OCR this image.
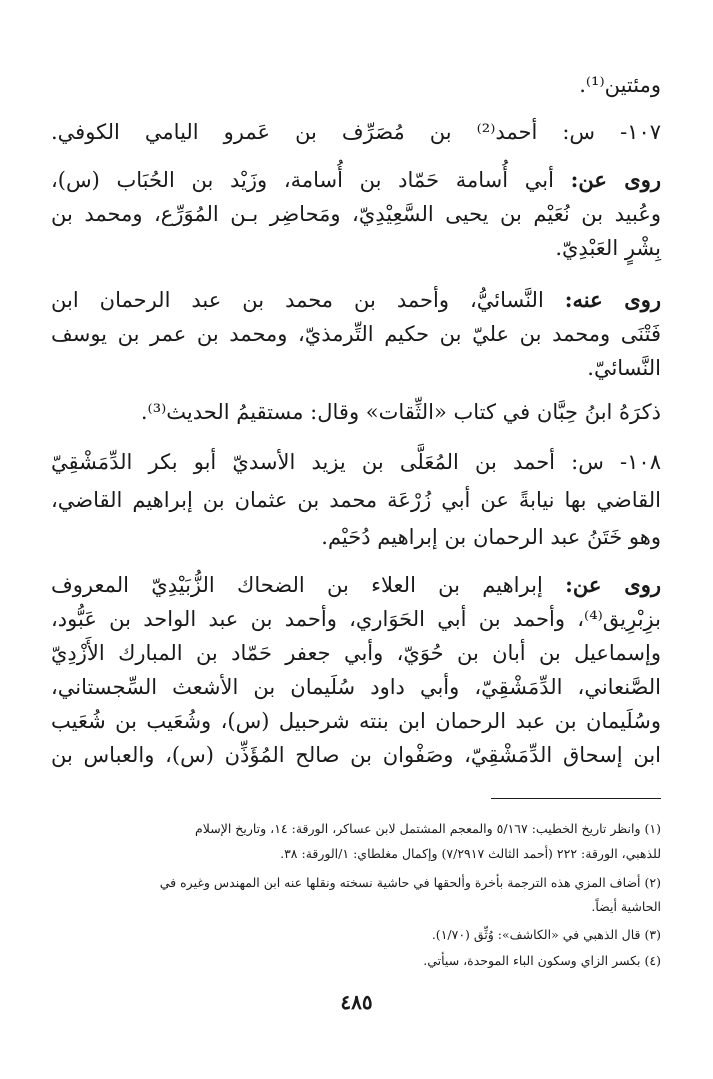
ومئتين⁽¹⁾.
١٠٧- س: أحمد⁽²⁾ بن مُصَرِّف بن عَمرو اليامي الكوفي.
روى عن: أبي أُسامة حَمّاد بن أُسامة، وزَيْد بن الحُبَاب (س)،
وعُبيد بن نُعَيْم بن يحيى السَّعِيْدِيّ، ومَحاضِر بـن المُوَرِّع، ومحمد بن
بِشْرٍ العَبْدِيّ.
روى عنه: النَّسائيُّ، وأحمد بن محمد بن عبد الرحمان ابن
فَتْنَى ومحمد بن عليّ بن حكيم التِّرمذيّ، ومحمد بن عمر بن يوسف
النَّسائيّ.
ذكرَهُ ابنُ حِبَّان في كتاب «الثِّقات» وقال: مستقيمُ الحديث⁽³⁾.
١٠٨- س: أحمد بن المُعَلَّى بن يزيد الأسديّ أبو بكر الدِّمَشْقِيّ
القاضي بها نيابةً عن أبي زُرْعَة محمد بن عثمان بن إبراهيم القاضي،
وهو خَتَنُ عبد الرحمان بن إبراهيم دُحَيْم.
روى عن: إبراهيم بن العلاء بن الضحاك الزُّبَيْدِيّ المعروف
بزِبْرِيق⁽⁴⁾، وأحمد بن أبي الحَوَاري، وأحمد بن عبد الواحد بن عَبُّود،
وإسماعيل بن أبان بن حُوَيّ، وأبي جعفر حَمّاد بن المبارك الأَزْدِيّ
الصَّنعاني، الدِّمَشْقِيّ، وأبي داود سُلَيمان بن الأشعث السِّجستاني،
وسُلَيمان بن عبد الرحمان ابن بنته شرحبيل (س)، وشُعَيب بن شُعَيب
ابن إسحاق الدِّمَشْقِيّ، وصَفْوان بن صالح المُؤَذِّن (س)، والعباس بن
(١) وانظر تاريخ الخطيب: ٥/١٦٧ والمعجم المشتمل لابن عساكر، الورقة: ١٤، وتاريخ الإسلام
للذهبي، الورقة: ٢٢٢ (أحمد الثالث ٧/٢٩١٧) وإكمال مغلطاي: ١/الورقة: ٣٨.
(٢) أضاف المزي هذه الترجمة بأخرة وألحقها في حاشية نسخته ونقلها عنه ابن المهندس وغيره في
الحاشية أيضاً.
(٣) قال الذهبي في «الكاشف»: وُثِّق (١/٧٠).
(٤) بكسر الزاي وسكون الباء الموحدة، سيأتي.
٤٨٥
